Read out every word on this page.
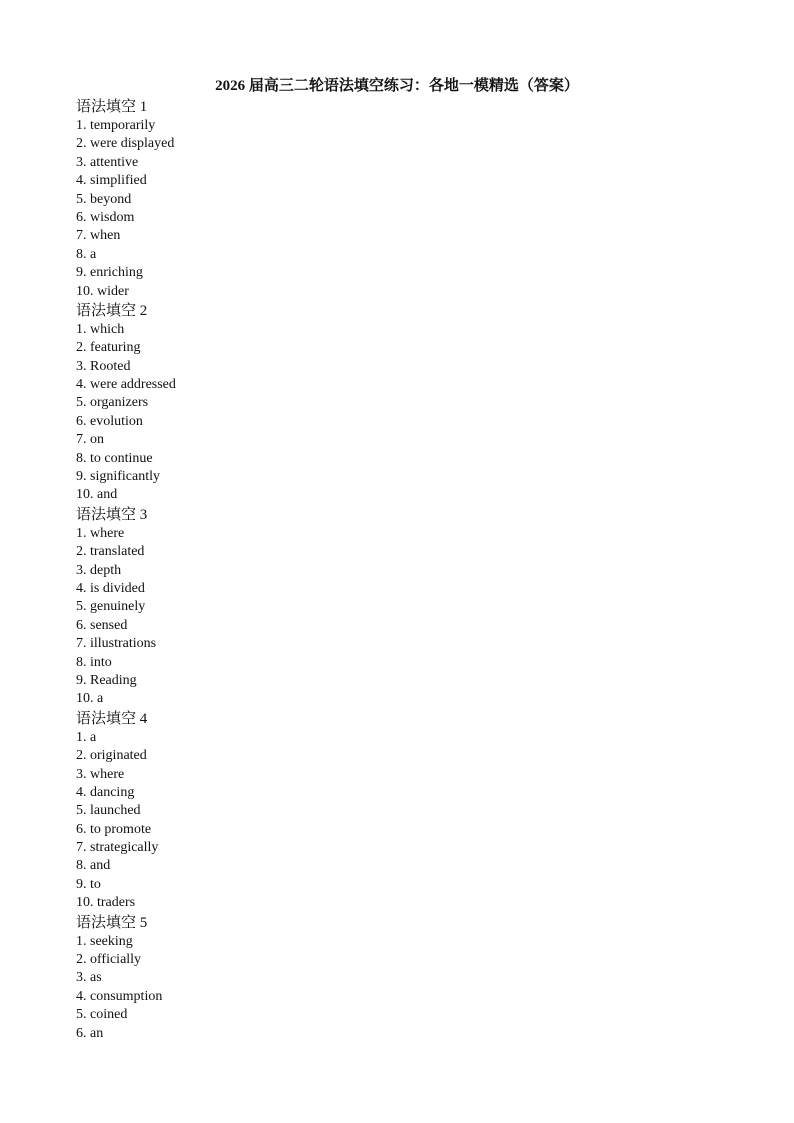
2026 届高三二轮语法填空练习：各地一模精选（答案）
语法填空 1
1. temporarily
2. were displayed
3. attentive
4. simplified
5. beyond
6. wisdom
7. when
8. a
9. enriching
10. wider
语法填空 2
1. which
2. featuring
3. Rooted
4. were addressed
5. organizers
6. evolution
7. on
8. to continue
9. significantly
10. and
语法填空 3
1. where
2. translated
3. depth
4. is divided
5. genuinely
6. sensed
7. illustrations
8. into
9. Reading
10. a
语法填空 4
1. a
2. originated
3. where
4. dancing
5. launched
6. to promote
7. strategically
8. and
9. to
10. traders
语法填空 5
1. seeking
2. officially
3. as
4. consumption
5. coined
6. an
